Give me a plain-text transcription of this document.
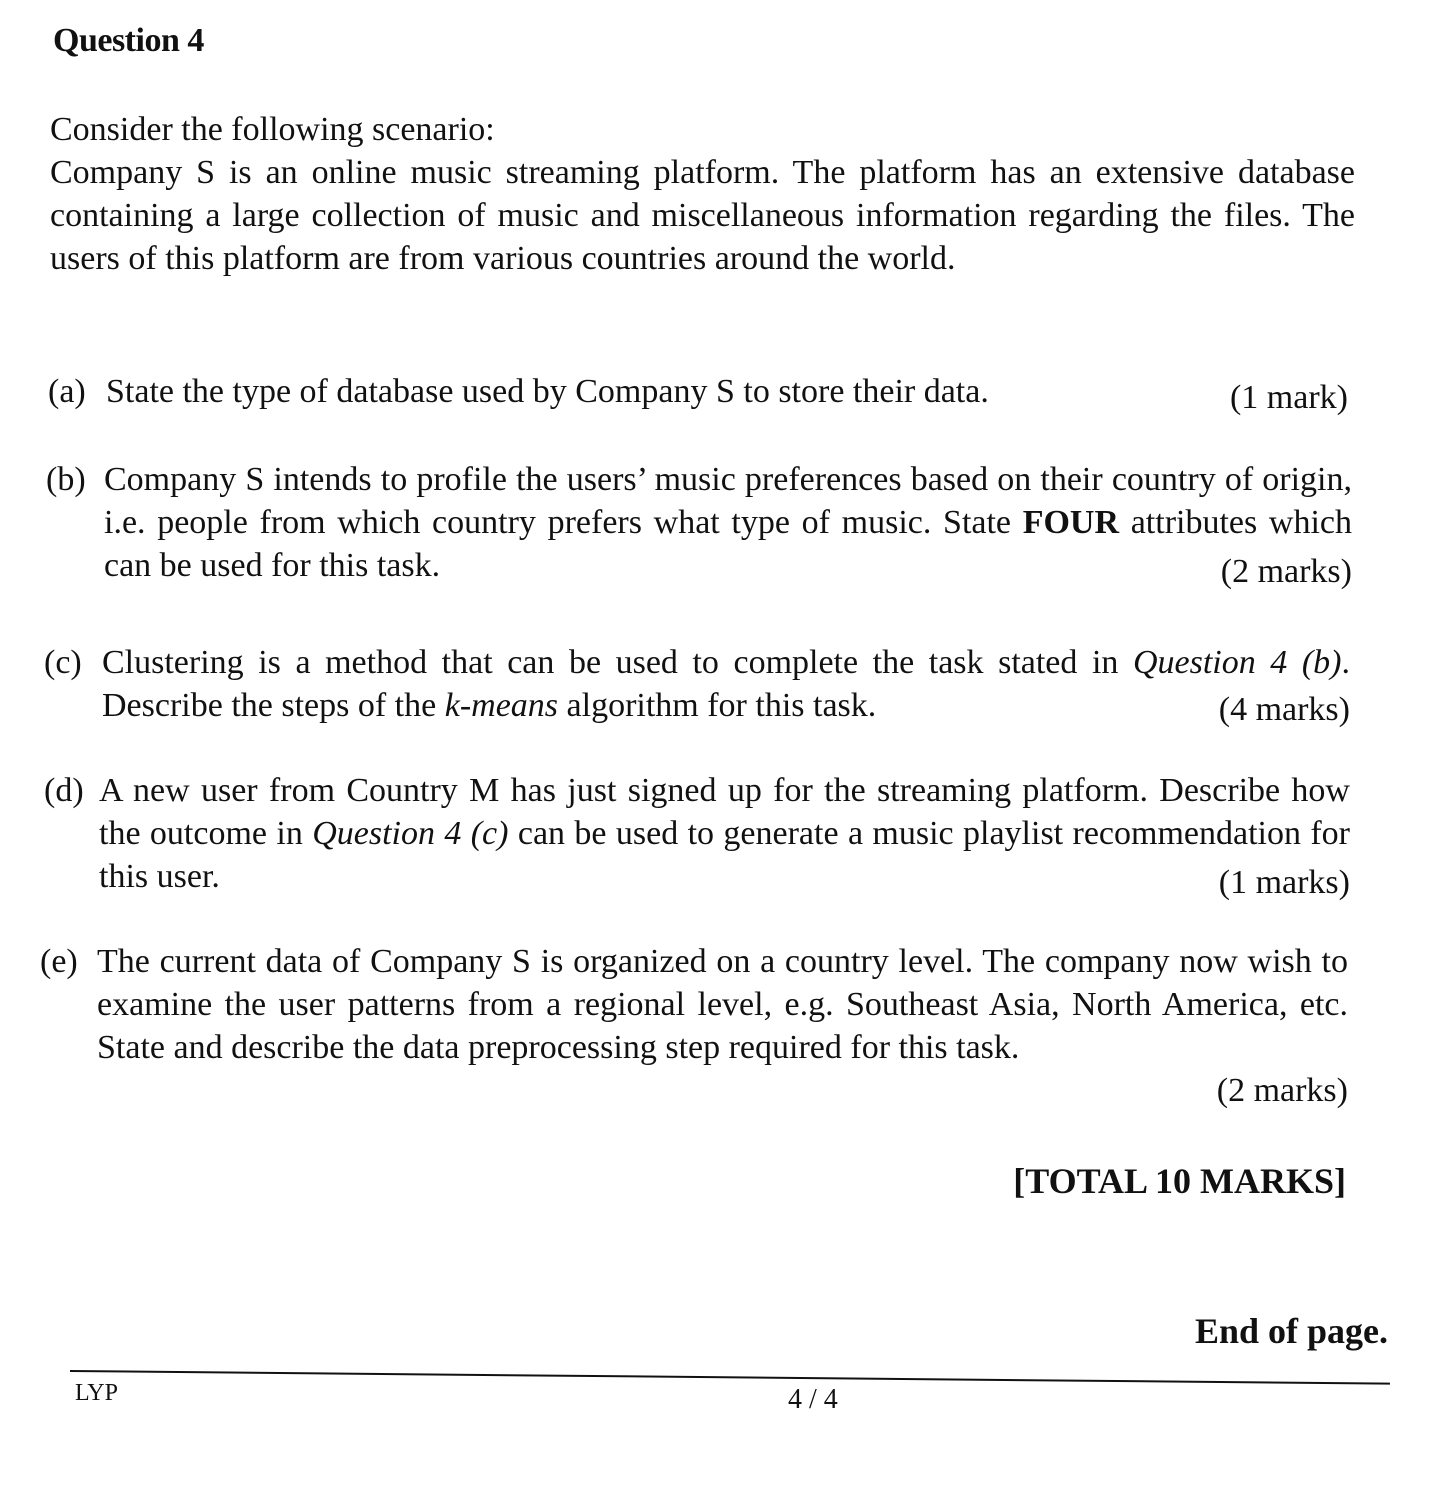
Question 4
Consider the following scenario:
Company S is an online music streaming platform. The platform has an extensive database containing a large collection of music and miscellaneous information regarding the files. The users of this platform are from various countries around the world.
(a) State the type of database used by Company S to store their data.	(1 mark)
(b) Company S intends to profile the users’ music preferences based on their country of origin, i.e. people from which country prefers what type of music. State FOUR attributes which can be used for this task.	(2 marks)
(c) Clustering is a method that can be used to complete the task stated in Question 4 (b). Describe the steps of the k-means algorithm for this task.	(4 marks)
(d) A new user from Country M has just signed up for the streaming platform. Describe how the outcome in Question 4 (c) can be used to generate a music playlist recommendation for this user.	(1 marks)
(e) The current data of Company S is organized on a country level. The company now wish to examine the user patterns from a regional level, e.g. Southeast Asia, North America, etc. State and describe the data preprocessing step required for this task.
(2 marks)
[TOTAL 10 MARKS]
End of page.
LYP	4 / 4
